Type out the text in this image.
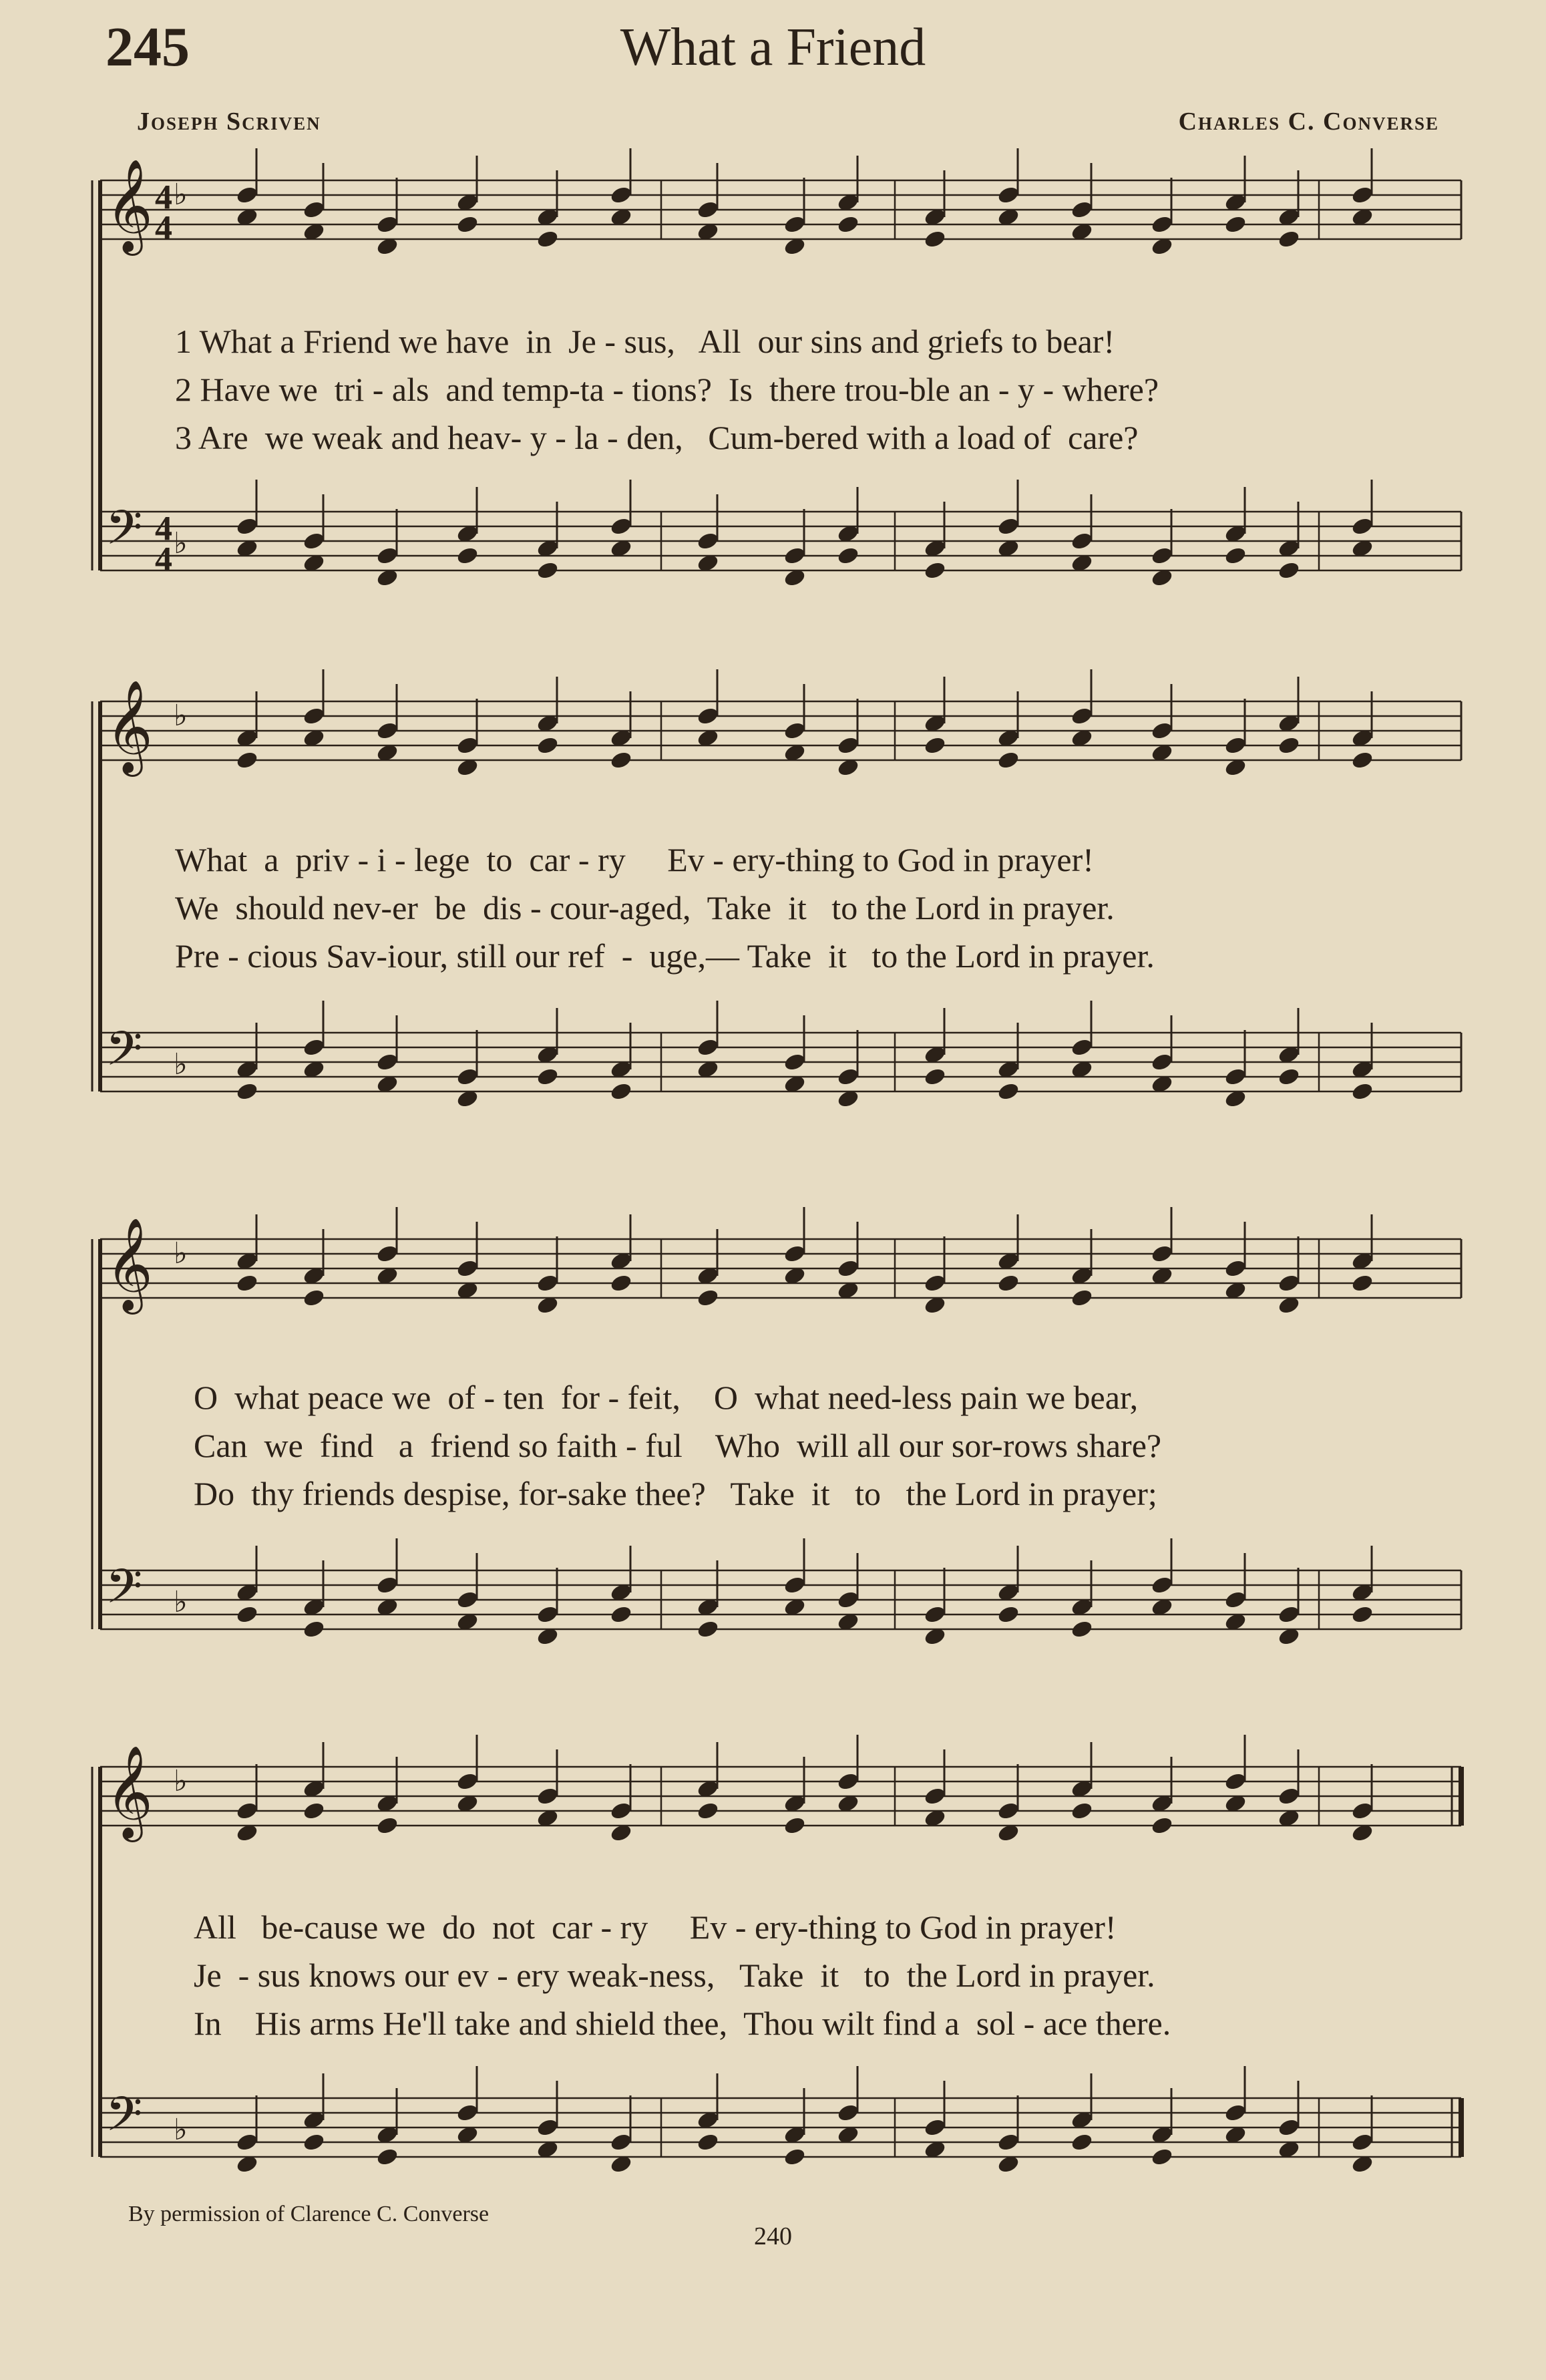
245	What a Friend
Joseph Scriven	Charles C. Converse
𝄞 ♭
𝄢 ♭
4
4
4
4
𝄞 ♭
𝄢 ♭
𝄞 ♭
𝄢 ♭
𝄞 ♭
𝄢 ♭
1 What a Friend we have  in  Je - sus,   All  our sins and griefs to bear!
2 Have we  tri - als  and temp-ta - tions?  Is  there trou-ble an - y - where?
3 Are  we weak and heav- y - la - den,   Cum-bered with a load of  care?
What  a  priv - i - lege  to  car - ry     Ev - ery-thing to God in prayer!
We  should nev-er  be  dis - cour-aged,  Take  it   to the Lord in prayer.
Pre - cious Sav-iour, still our ref  -  uge,— Take  it   to the Lord in prayer.
O  what peace we  of - ten  for - feit,    O  what need-less pain we bear,
Can  we  find   a  friend so faith - ful    Who  will all our sor-rows share?
Do  thy friends despise, for-sake thee?   Take  it   to   the Lord in prayer;
All   be-cause we  do  not  car - ry     Ev - ery-thing to God in prayer!
Je  - sus knows our ev - ery weak-ness,   Take  it   to  the Lord in prayer.
In    His arms He'll take and shield thee,  Thou wilt find a  sol - ace there.
By permission of Clarence C. Converse
240
